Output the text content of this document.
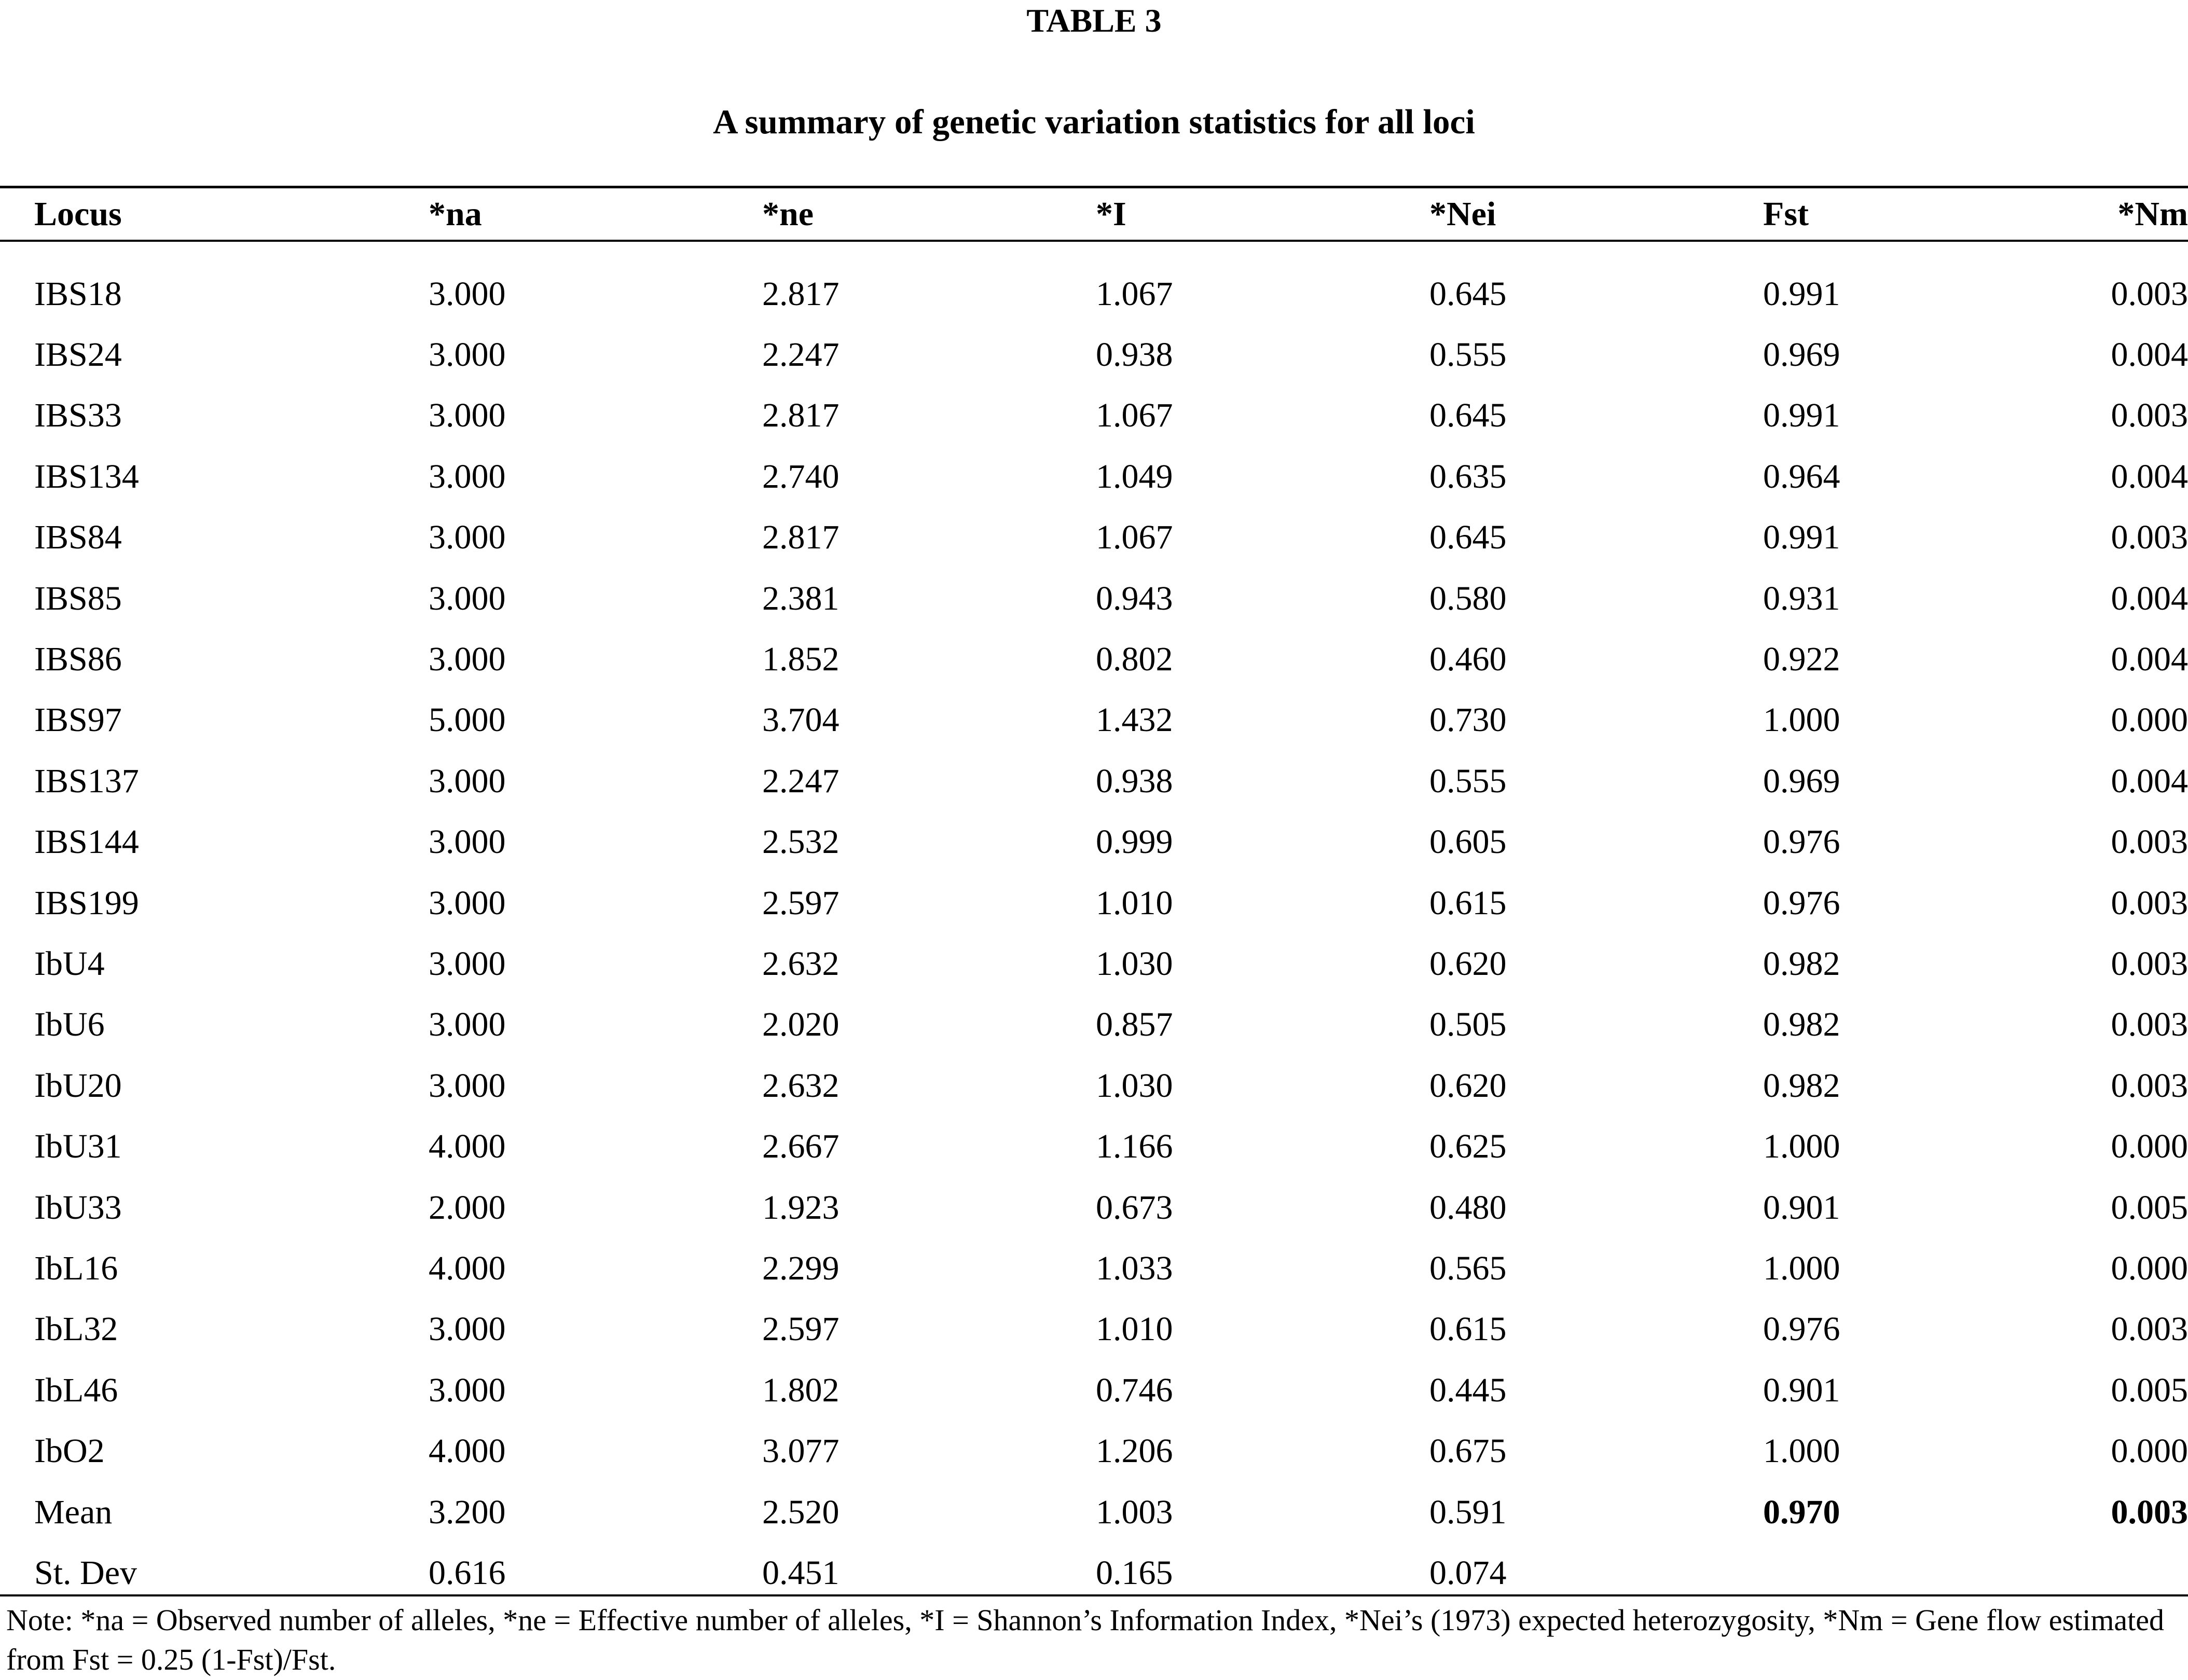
TABLE 3
A summary of genetic variation statistics for all loci
Locus	*na	*ne	*I	*Nei	Fst	*Nm
IBS18	3.000	2.817	1.067	0.645	0.991	0.003
IBS24	3.000	2.247	0.938	0.555	0.969	0.004
IBS33	3.000	2.817	1.067	0.645	0.991	0.003
IBS134	3.000	2.740	1.049	0.635	0.964	0.004
IBS84	3.000	2.817	1.067	0.645	0.991	0.003
IBS85	3.000	2.381	0.943	0.580	0.931	0.004
IBS86	3.000	1.852	0.802	0.460	0.922	0.004
IBS97	5.000	3.704	1.432	0.730	1.000	0.000
IBS137	3.000	2.247	0.938	0.555	0.969	0.004
IBS144	3.000	2.532	0.999	0.605	0.976	0.003
IBS199	3.000	2.597	1.010	0.615	0.976	0.003
IbU4	3.000	2.632	1.030	0.620	0.982	0.003
IbU6	3.000	2.020	0.857	0.505	0.982	0.003
IbU20	3.000	2.632	1.030	0.620	0.982	0.003
IbU31	4.000	2.667	1.166	0.625	1.000	0.000
IbU33	2.000	1.923	0.673	0.480	0.901	0.005
IbL16	4.000	2.299	1.033	0.565	1.000	0.000
IbL32	3.000	2.597	1.010	0.615	0.976	0.003
IbL46	3.000	1.802	0.746	0.445	0.901	0.005
IbO2	4.000	3.077	1.206	0.675	1.000	0.000
Mean	3.200	2.520	1.003	0.591	0.970	0.003
St. Dev	0.616	0.451	0.165	0.074		
Note: *na = Observed number of alleles, *ne = Effective number of alleles, *I = Shannon’s Information Index, *Nei’s (1973) expected heterozygosity, *Nm = Gene flow estimated from Fst = 0.25 (1-Fst)/Fst.
